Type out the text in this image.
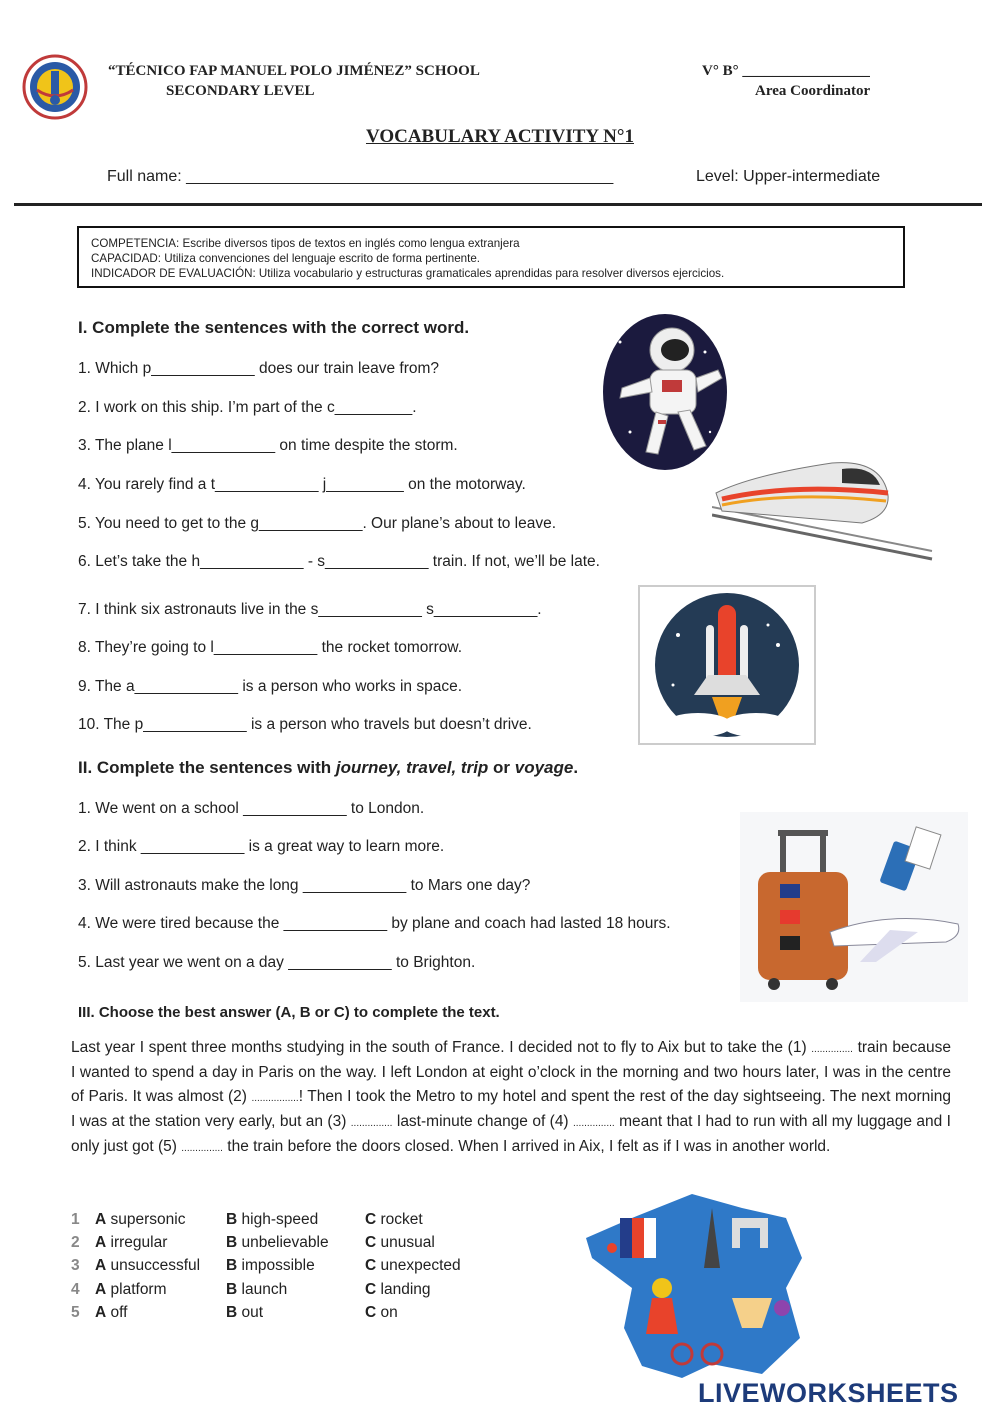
“TÉCNICO FAP MANUEL POLO JIMÉNEZ” SCHOOL
SECONDARY LEVEL
V° B° _________________
Area Coordinator
VOCABULARY ACTIVITY N°1
Full name: ________________________________________________	Level: Upper-intermediate
COMPETENCIA: Escribe diversos tipos de textos en inglés como lengua extranjera
CAPACIDAD: Utiliza convenciones del lenguaje escrito de forma pertinente.
INDICADOR DE EVALUACIÓN: Utiliza vocabulario y estructuras gramaticales aprendidas para resolver diversos ejercicios.
I. Complete the sentences with the correct word.
1. Which p____________ does our train leave from?
2. I work on this ship. I’m part of the c_________.
3. The plane l____________ on time despite the storm.
4. You rarely find a t____________ j_________ on the motorway.
5. You need to get to the g____________. Our plane’s about to leave.
6. Let’s take the h____________ - s____________ train. If not, we’ll be late.
7. I think six astronauts live in the s____________ s____________.
8. They’re going to l____________ the rocket tomorrow.
9. The a____________ is a person who works in space.
10. The p____________ is a person who travels but doesn’t drive.
II. Complete the sentences with journey, travel, trip or voyage.
1. We went on a school ____________ to London.
2. I think ____________ is a great way to learn more.
3. Will astronauts make the long ____________ to Mars one day?
4. We were tired because the ____________ by plane and coach had lasted 18 hours.
5. Last year we went on a day ____________ to Brighton.
III. Choose the best answer (A, B or C) to complete the text.
Last year I spent three months studying in the south of France. I decided not to fly to Aix but to take the (1) ............... train because I wanted to spend a day in Paris on the way. I left London at eight o’clock in the morning and two hours later, I was in the centre of Paris. It was almost (2) .................! Then I took the Metro to my hotel and spent the rest of the day sightseeing. The next morning I was at the station very early, but an (3) ............... last-minute change of (4) ............... meant that I had to run with all my luggage and I only just got (5) ............... the train before the doors closed. When I arrived in Aix, I felt as if I was in another world.
1 A supersonic	B high-speed	C rocket
2 A irregular	B unbelievable C unusual
3 A unsuccessful B impossible	C unexpected
4 A platform	B launch	C landing
5 A off	B out	C on
LIVEWORKSHEETS
